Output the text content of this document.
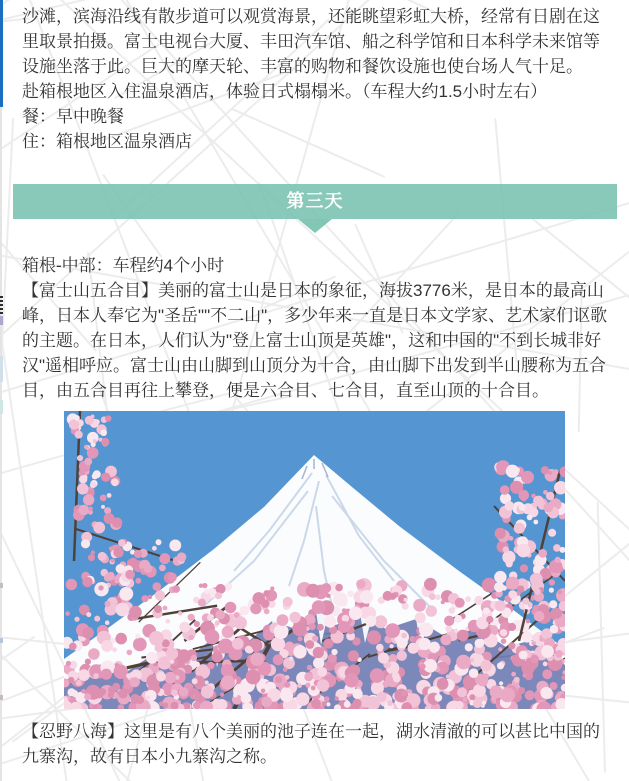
沙滩，滨海沿线有散步道可以观赏海景，还能眺望彩虹大桥，经常有日剧在这里取景拍摄。富士电视台大厦、丰田汽车馆、船之科学馆和日本科学未来馆等设施坐落于此。巨大的摩天轮、丰富的购物和餐饮设施也使台场人气十足。

赴箱根地区入住温泉酒店，体验日式榻榻米。（车程大约1.5小时左右）

餐：早中晚餐

住：箱根地区温泉酒店

第三天

箱根-中部：车程约4个小时

【富士山五合目】美丽的富士山是日本的象征，海拔3776米，是日本的最高山峰，日本人奉它为"圣岳""不二山"，多少年来一直是日本文学家、艺术家们讴歌的主题。在日本，人们认为"登上富士山顶是英雄"，这和中国的"不到长城非好汉"遥相呼应。富士山由山脚到山顶分为十合，由山脚下出发到半山腰称为五合目，由五合目再往上攀登，便是六合目、七合目，直至山顶的十合目。

【忍野八海】这里是有八个美丽的池子连在一起，湖水清澈的可以甚比中国的九寨沟，故有日本小九寨沟之称。
